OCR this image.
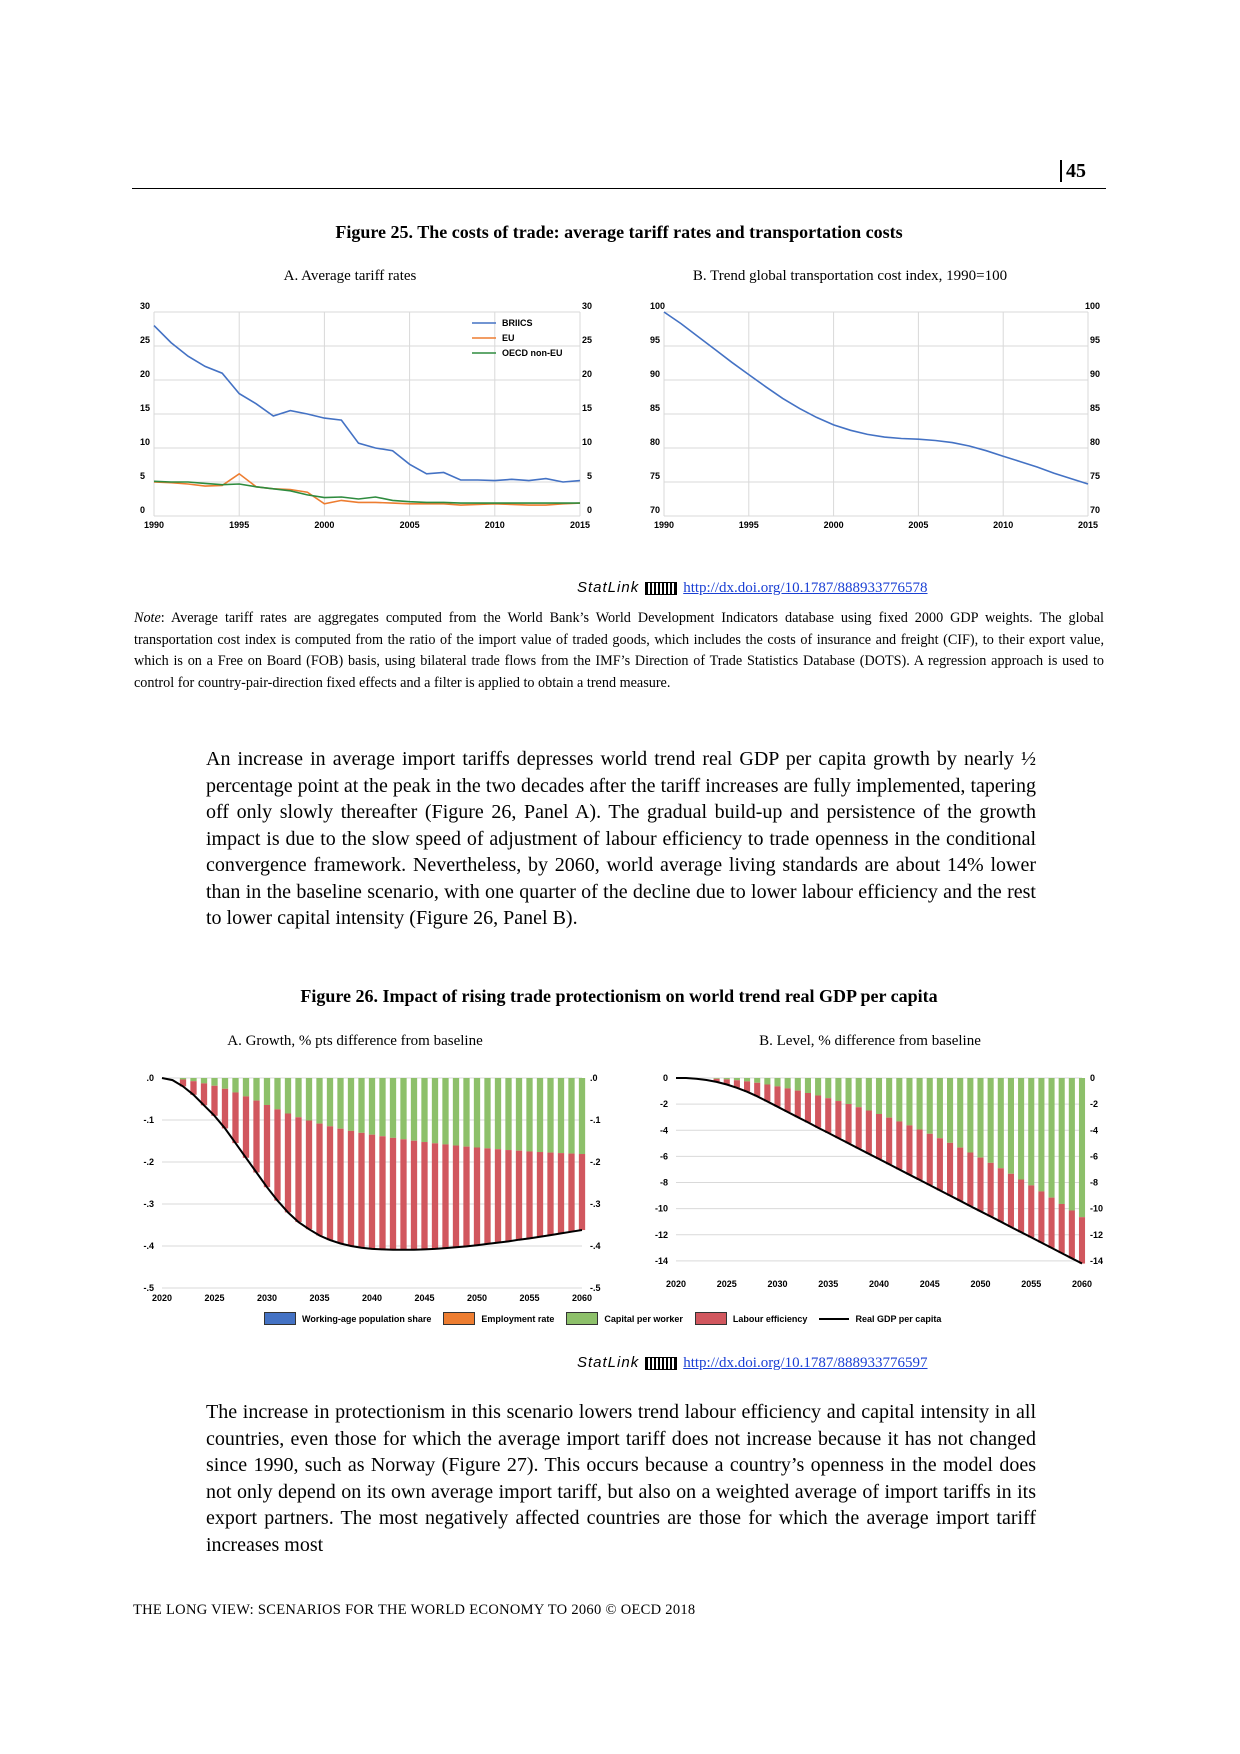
45
Figure 25. The costs of trade: average tariff rates and transportation costs
A. Average tariff rates	B. Trend global transportation cost index, 1990=100
0
5
10
15
20
25
30
0
5
10
15
20
25
30
1990	1995	2000	2005	2010	2015
BRIICS
EU
OECD non-EU
70
75
80
85
90
95
100
70
75
80
85
90
95
100
1990	1995	2000	2005	2010	2015
StatLink	http://dx.doi.org/10.1787/888933776578
Note: Average tariff rates are aggregates computed from the World Bank’s World Development Indicators database using fixed 2000 GDP weights. The global transportation cost index is computed from the ratio of the import value of traded goods, which includes the costs of insurance and freight (CIF), to their export value, which is on a Free on Board (FOB) basis, using bilateral trade flows from the IMF’s Direction of Trade Statistics Database (DOTS). A regression approach is used to control for country-pair-direction fixed effects and a filter is applied to obtain a trend measure.
An increase in average import tariffs depresses world trend real GDP per capita growth by nearly ½ percentage point at the peak in the two decades after the tariff increases are fully implemented, tapering off only slowly thereafter (Figure 26, Panel A). The gradual build-up and persistence of the growth impact is due to the slow speed of adjustment of labour efficiency to trade openness in the conditional convergence framework. Nevertheless, by 2060, world average living standards are about 14% lower than in the baseline scenario, with one quarter of the decline due to lower labour efficiency and the rest to lower capital intensity (Figure 26, Panel B).
Figure 26. Impact of rising trade protectionism on world trend real GDP per capita
A. Growth, % pts difference from baseline	B. Level, % difference from baseline
.0
-.1
-.2
-.3
-.4
-.5
.0
-.1
-.2
-.3
-.4
-.5
2020	2025	2030	2035	2040	2045	2050	2055	2060
0
-2
-4
-6
-8
-10
-12
-14
0
-2
-4
-6
-8
-10
-12
-14
2020	2025	2030	2035	2040	2045	2050	2055	2060
Working-age population share	Employment rate	Capital per worker	Labour efficiency	Real GDP per capita
StatLink	http://dx.doi.org/10.1787/888933776597
The increase in protectionism in this scenario lowers trend labour efficiency and capital intensity in all countries, even those for which the average import tariff does not increase because it has not changed since 1990, such as Norway (Figure 27). This occurs because a country’s openness in the model does not only depend on its own average import tariff, but also on a weighted average of import tariffs in its export partners. The most negatively affected countries are those for which the average import tariff increases most
THE LONG VIEW: SCENARIOS FOR THE WORLD ECONOMY TO 2060 © OECD 2018
